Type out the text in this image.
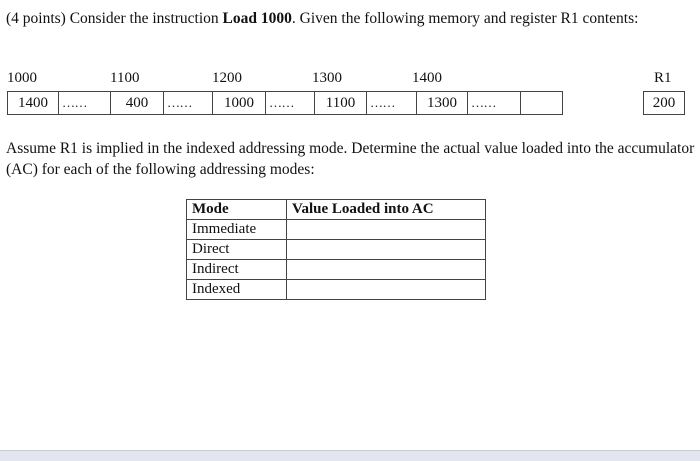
(4 points) Consider the instruction Load 1000. Given the following memory and register R1 contents:
1000	1100	1200	1300	1400	R1
1400	……	400	……	1000	……	1100	……	1300	……	200
Assume R1 is implied in the indexed addressing mode. Determine the actual value loaded into the accumulator (AC) for each of the following addressing modes:
Mode	Value Loaded into AC
Immediate	
Direct	
Indirect	
Indexed	
